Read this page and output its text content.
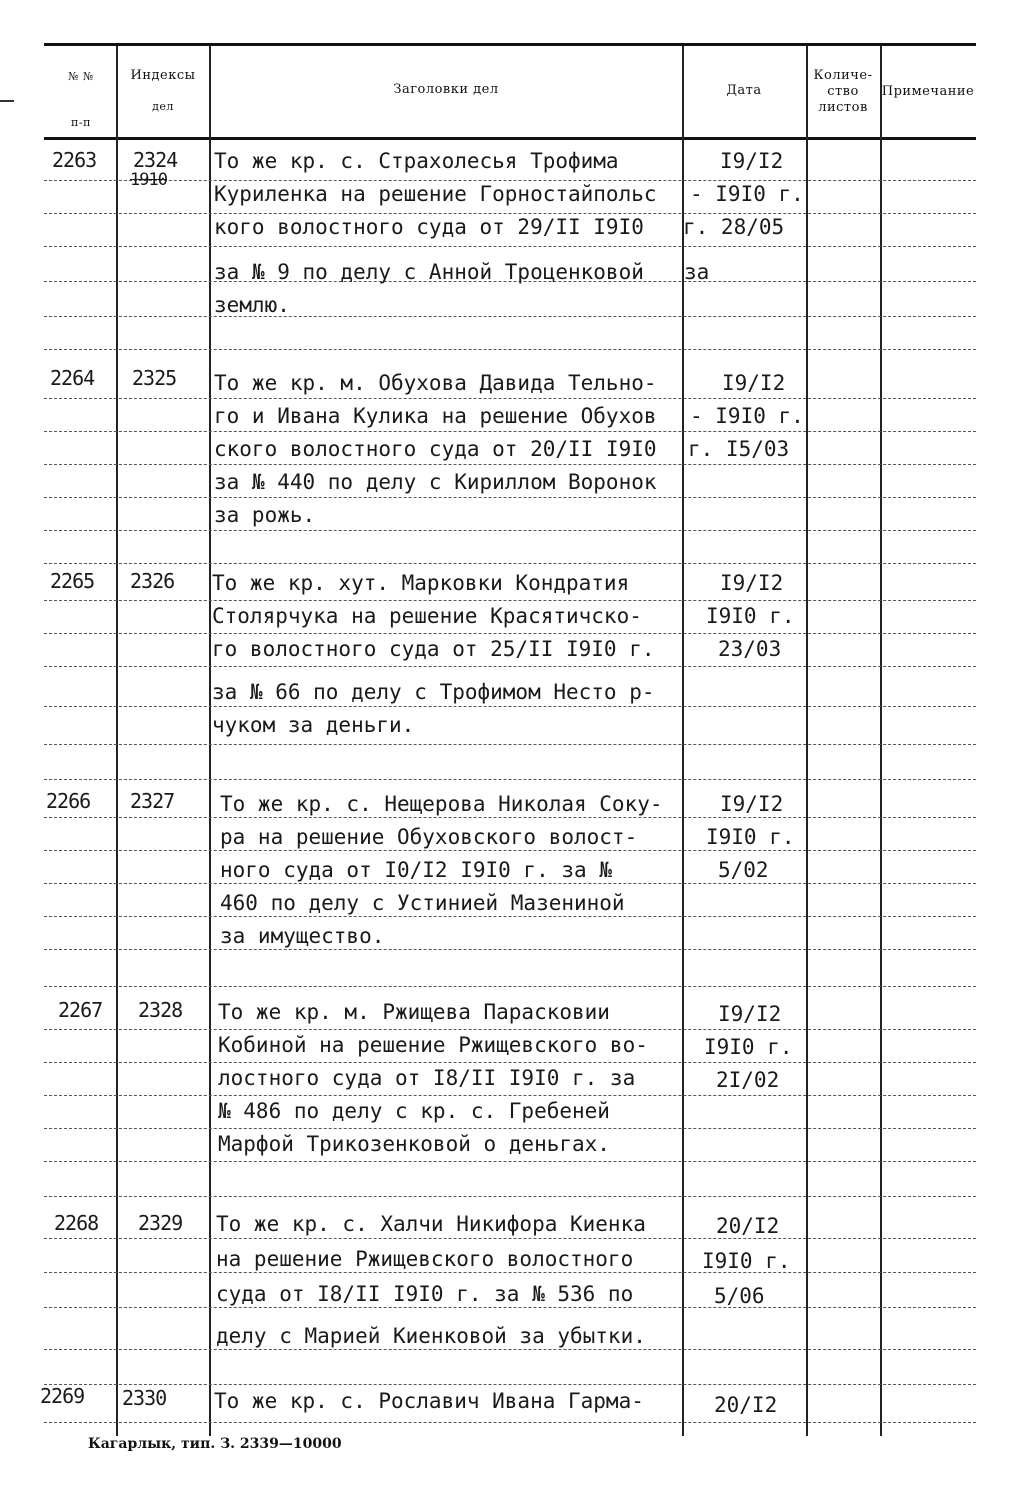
№ №
п-п
Индексы
дел
Заголовки дел	Дата
Количе-
ство
листов
Примечание
2263 2324
1910
То же кр. с. Страхолесья Трофима
Куриленка на решение Горностайпольс
кого волостного суда от 29/II I9I0
за № 9 по делу с Анной Троценковой
землю.
I9/I2
- I9I0 г.
г. 28/05
за
2264 2325 То же кр. м. Обухова Давида Тельно-
го и Ивана Кулика на решение Обухов
ского волостного суда от 20/II I9I0
за № 440 по делу с Кириллом Воронок
за рожь.
I9/I2
- I9I0 г.
г. I5/03
2265 2326 То же кр. хут. Марковки Кондратия
Столярчука на решение Красятичско-
го волостного суда от 25/II I9I0 г.
за № 66 по делу с Трофимом Несто р-
чуком за деньги.
I9/I2
I9I0 г.
23/03
2266 2327 То же кр. с. Нещерова Николая Соку-
ра на решение Обуховского волост-
ного суда от I0/I2 I9I0 г. за №
460 по делу с Устинией Мазениной
за имущество.
I9/I2
I9I0 г.
5/02
2267 2328 То же кр. м. Ржищева Парасковии
Кобиной на решение Ржищевского во-
лостного суда от I8/II I9I0 г. за
№ 486 по делу с кр. с. Гребеней
Марфой Трикозенковой о деньгах.
I9/I2
I9I0 г.
2I/02
2268 2329 То же кр. с. Халчи Никифора Киенка
на решение Ржищевского волостного
суда от I8/II I9I0 г. за № 536 по
делу с Марией Киенковой за убытки.
20/I2
I9I0 г.
5/06
2269 2330 То же кр. с. Рославич Ивана Гарма-	20/I2
Кагарлык, тип. З. 2339—10000
